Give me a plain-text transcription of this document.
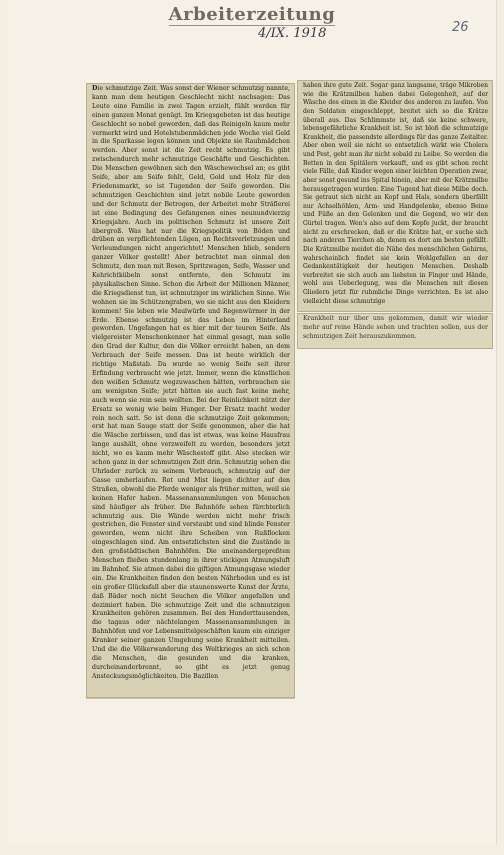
Arbeiterzeitung
4/IX. 1918	26

Die schmutzige Zeit. Was sonst der Wiener schmutzig nannte, kann man dem heutigen Geschlecht nicht nachsagen: Das Leute eine Familie in zwei Tagen erzielt, fühlt werden für einen ganzen Monat genügt. Im Kriegsgebeten ist das heutige Geschlecht so nobel geworden, daß das Reinigeln kaum mehr vermerkt wird und Hotelstubenmädchen jede Woche viel Geld in die Sparkasse legen können und Objekte sie Rauhmädchen werden. Aber sonst ist die Zeit recht schmutzig. Es gibt zwischendurch mehr schmutzige Geschäfte und Geschichten. Die Menschen gewöhnen sich den Wäschewechsel an; es gibt Seife, aber am Seife fehlt, Geld, Gold und Holz für den Friedensmarkt, so ist Tugenden der Seife geworden. Die schmutzigen Geschichten sind jetzt nobile Leute geworden und der Schmutz der Betrogen, der Arbeitet mehr Sträflerei ist eine Bedingung des Gefangenen eines neunundvierzig Kriegsjahre. Auch im politischen Schmutz ist unsere Zeit übergroß. Was hat nur die Kriegspolitik von Böden und drüben an verpflichtenden Lügen, an Rechtsverletzungen und Verleumdungen nicht angerichtet! Menschen blieb, sondern ganzer Völker gestellt! Aber betrachtet man einmal den Schmutz, den man mit Besen, Spritzwagen, Seife, Wasser und Kehrichtkübeln sonst entfernte, den Schmutz im physikalischen Sinne. Schon die Arbeit der Millionen Männer, die Kriegsdienst tun, ist schmutziger im wirklichen Sinne. Wie wohnen sie im Schützengraben, wo sie nicht aus den Kleidern kommen! Sie leben wie Maulwürfe und Regenwürmer in der Erde. Ebenso schmutzig ist das Leben im Hinterland geworden. Ungefangen hat es hier mit der teuren Seife. Als vielgereister Menschenkenner hat einmal gesagt, man solle den Grad der Kultur, den die Völker erreicht haben, an dem Verbrauch der Seife messen. Das ist heute wirklich der richtige Maßstab. Da wurde so wenig Seife seit ihrer Erfindung verbraucht wie jetzt. Immer, wenn die künstlichen den weißen Schmutz wegzuwaschen hätten, verbrauchen sie am wenigsten Seife; jetzt hätten sie auch fast keine mehr, auch wenn sie rein sein wollten. Bei der Reinlichkeit nützt der Ersatz so wenig wie beim Hunger. Der Ersatz macht weder rein noch satt. So ist denn die schmutzige Zeit gekommen; erst hat man Sauge statt der Seife genommen, aber die hat die Wäsche zerbissen, und das ist etwas, was keine Hausfrau lange aushält, ohne verzweifelt zu werden, besonders jetzt nicht, wo es kaum mehr Wäschestoff gibt. Also stecken wir schon ganz in der schmutzigen Zeit drin. Schmutzig sehen die Uhrlader zurück zu seinem Vorbrauch, schmutzig auf der Gasse umherlaufen. Rot und Mist liegen dichter auf den Straßen, obwohl die Pferde weniger als früher mitten, weil sie keinen Hafer haben. Massenansammlungen von Menschen sind häufiger als früher. Die Bahnhöfe sehen fürchterlich schmutzig aus. Die Wände werden nicht mehr frisch gestrichen, die Fenster sind verstaubt und sind blinde Fenster geworden, wenn nicht ihre Scheiben von Rußflocken eingeschlagen sind. Am entsetzlichsten sind die Zustände in den großstädtischen Bahnhöfen. Die aneinandergepreßten Menschen fließen stundenlang in ihrer stickigen Atmungsluft im Bahnhof. Sie atmen dabei die giftigen Atmungsgase wieder ein. Die Krankheiten finden den besten Nährboden und es ist ein großer Glücksfall aber die staunenswerte Kunst der Ärzte, daß Bäder noch nicht Seuchen die Völker angefallen und dezimiert haben. Die schmutzige Zeit und die schmutzigen Krankheiten gehören zusammen. Bei den Hunderttausenden, die tagaus oder nächtelangen Massenansammlungen in Bahnhöfen und vor Lebensmittelgeschäften kaum ein einziger Kranker seiner ganzen Umgebung seine Krankheit mitteilen. Und die die Völkerwanderung des Weltkrieges an sich schon die Menschen, die gesunden und die kranken, durcheinanderbrennt, so gibt es jetzt genug Ansteckungsmöglichkeiten. Die Bazillen

haben ihre gute Zeit. Sogar ganz langsame, träge Mikroben wie die Krätzmilben haben dabei Gelegenheit, auf der Wäsche des einen in die Kleider des anderen zu laufen. Von den Soldaten eingeschleppt, breitet sich so die Krätze überall aus. Das Schlimmste ist, daß sie keine schwere, lebensgefährliche Krankheit ist. So ist bloß die schmutzige Krankheit, die passendste allerdings für das ganze Zeitalter. Aber eben weil sie nicht so entsetzlich wirkt wie Cholera und Pest, geht man ihr nicht sobald zu Leibe. So werden die Betten in den Spitälern verkauft, und es gibt schon recht viele Fälle, daß Kinder wegen einer leichten Operation zwar, aber sonst gesund ins Spital hinein, aber mit der Krätzmilbe herausgetragen wurden. Eine Tugend hat diese Milbe doch. Sie getraut sich nicht an Kopf und Hals, sondern überfällt nur Achselhöhlen, Arm- und Handgelenke, ebenso Beine und Füße an den Gelenken und die Gegend, wo wir den Gürtel tragen. Wen's also auf dem Kopfe juckt, der braucht nicht zu erschrecken, daß er die Krätze hat, er suche sich nach anderen Tierchen ab, denen es dort am besten gefällt. Die Krätzmilbe meidet die Nähe des menschlichen Gehirns, wahrscheinlich findet sie kein Wohlgefallen an der Gedankentätigkeit der heutigen Menschen. Deshalb verbreitet sie sich auch am liebsten in Finger und Hände, wohl aus Ueberlegung, was die Menschen mit diesen Gliedern jetzt für ruhmliche Dinge verrichten. Es ist also vielleicht diese schmutzige

Krankheit nur über uns gekommen, damit wir wieder mehr auf reine Hände sehen und trachten sollen, aus der schmutzigen Zeit herauszukommen.
